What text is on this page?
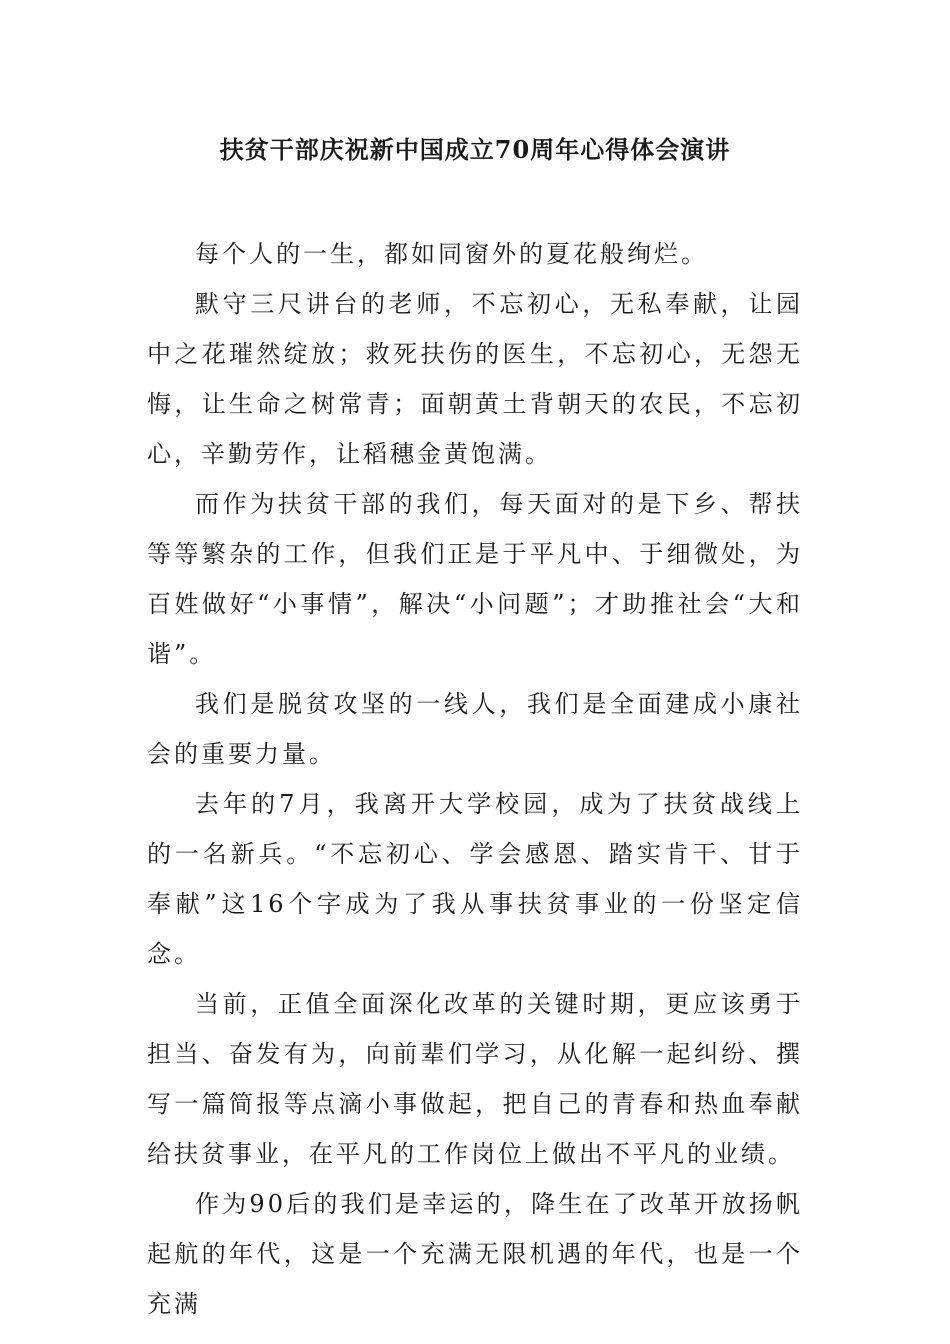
扶贫干部庆祝新中国成立70周年心得体会演讲

每个人的一生，都如同窗外的夏花般绚烂。

默守三尺讲台的老师，不忘初心，无私奉献，让园中之花璀然绽放；救死扶伤的医生，不忘初心，无怨无悔，让生命之树常青；面朝黄土背朝天的农民，不忘初心，辛勤劳作，让稻穗金黄饱满。

而作为扶贫干部的我们，每天面对的是下乡、帮扶等等繁杂的工作，但我们正是于平凡中、于细微处，为百姓做好“小事情”，解决“小问题”；才助推社会“大和谐”。

我们是脱贫攻坚的一线人，我们是全面建成小康社会的重要力量。

去年的7月，我离开大学校园，成为了扶贫战线上的一名新兵。“不忘初心、学会感恩、踏实肯干、甘于奉献”这16个字成为了我从事扶贫事业的一份坚定信念。

当前，正值全面深化改革的关键时期，更应该勇于担当、奋发有为，向前辈们学习，从化解一起纠纷、撰写一篇简报等点滴小事做起，把自己的青春和热血奉献给扶贫事业，在平凡的工作岗位上做出不平凡的业绩。

作为90后的我们是幸运的，降生在了改革开放扬帆起航的年代，这是一个充满无限机遇的年代，也是一个充满
